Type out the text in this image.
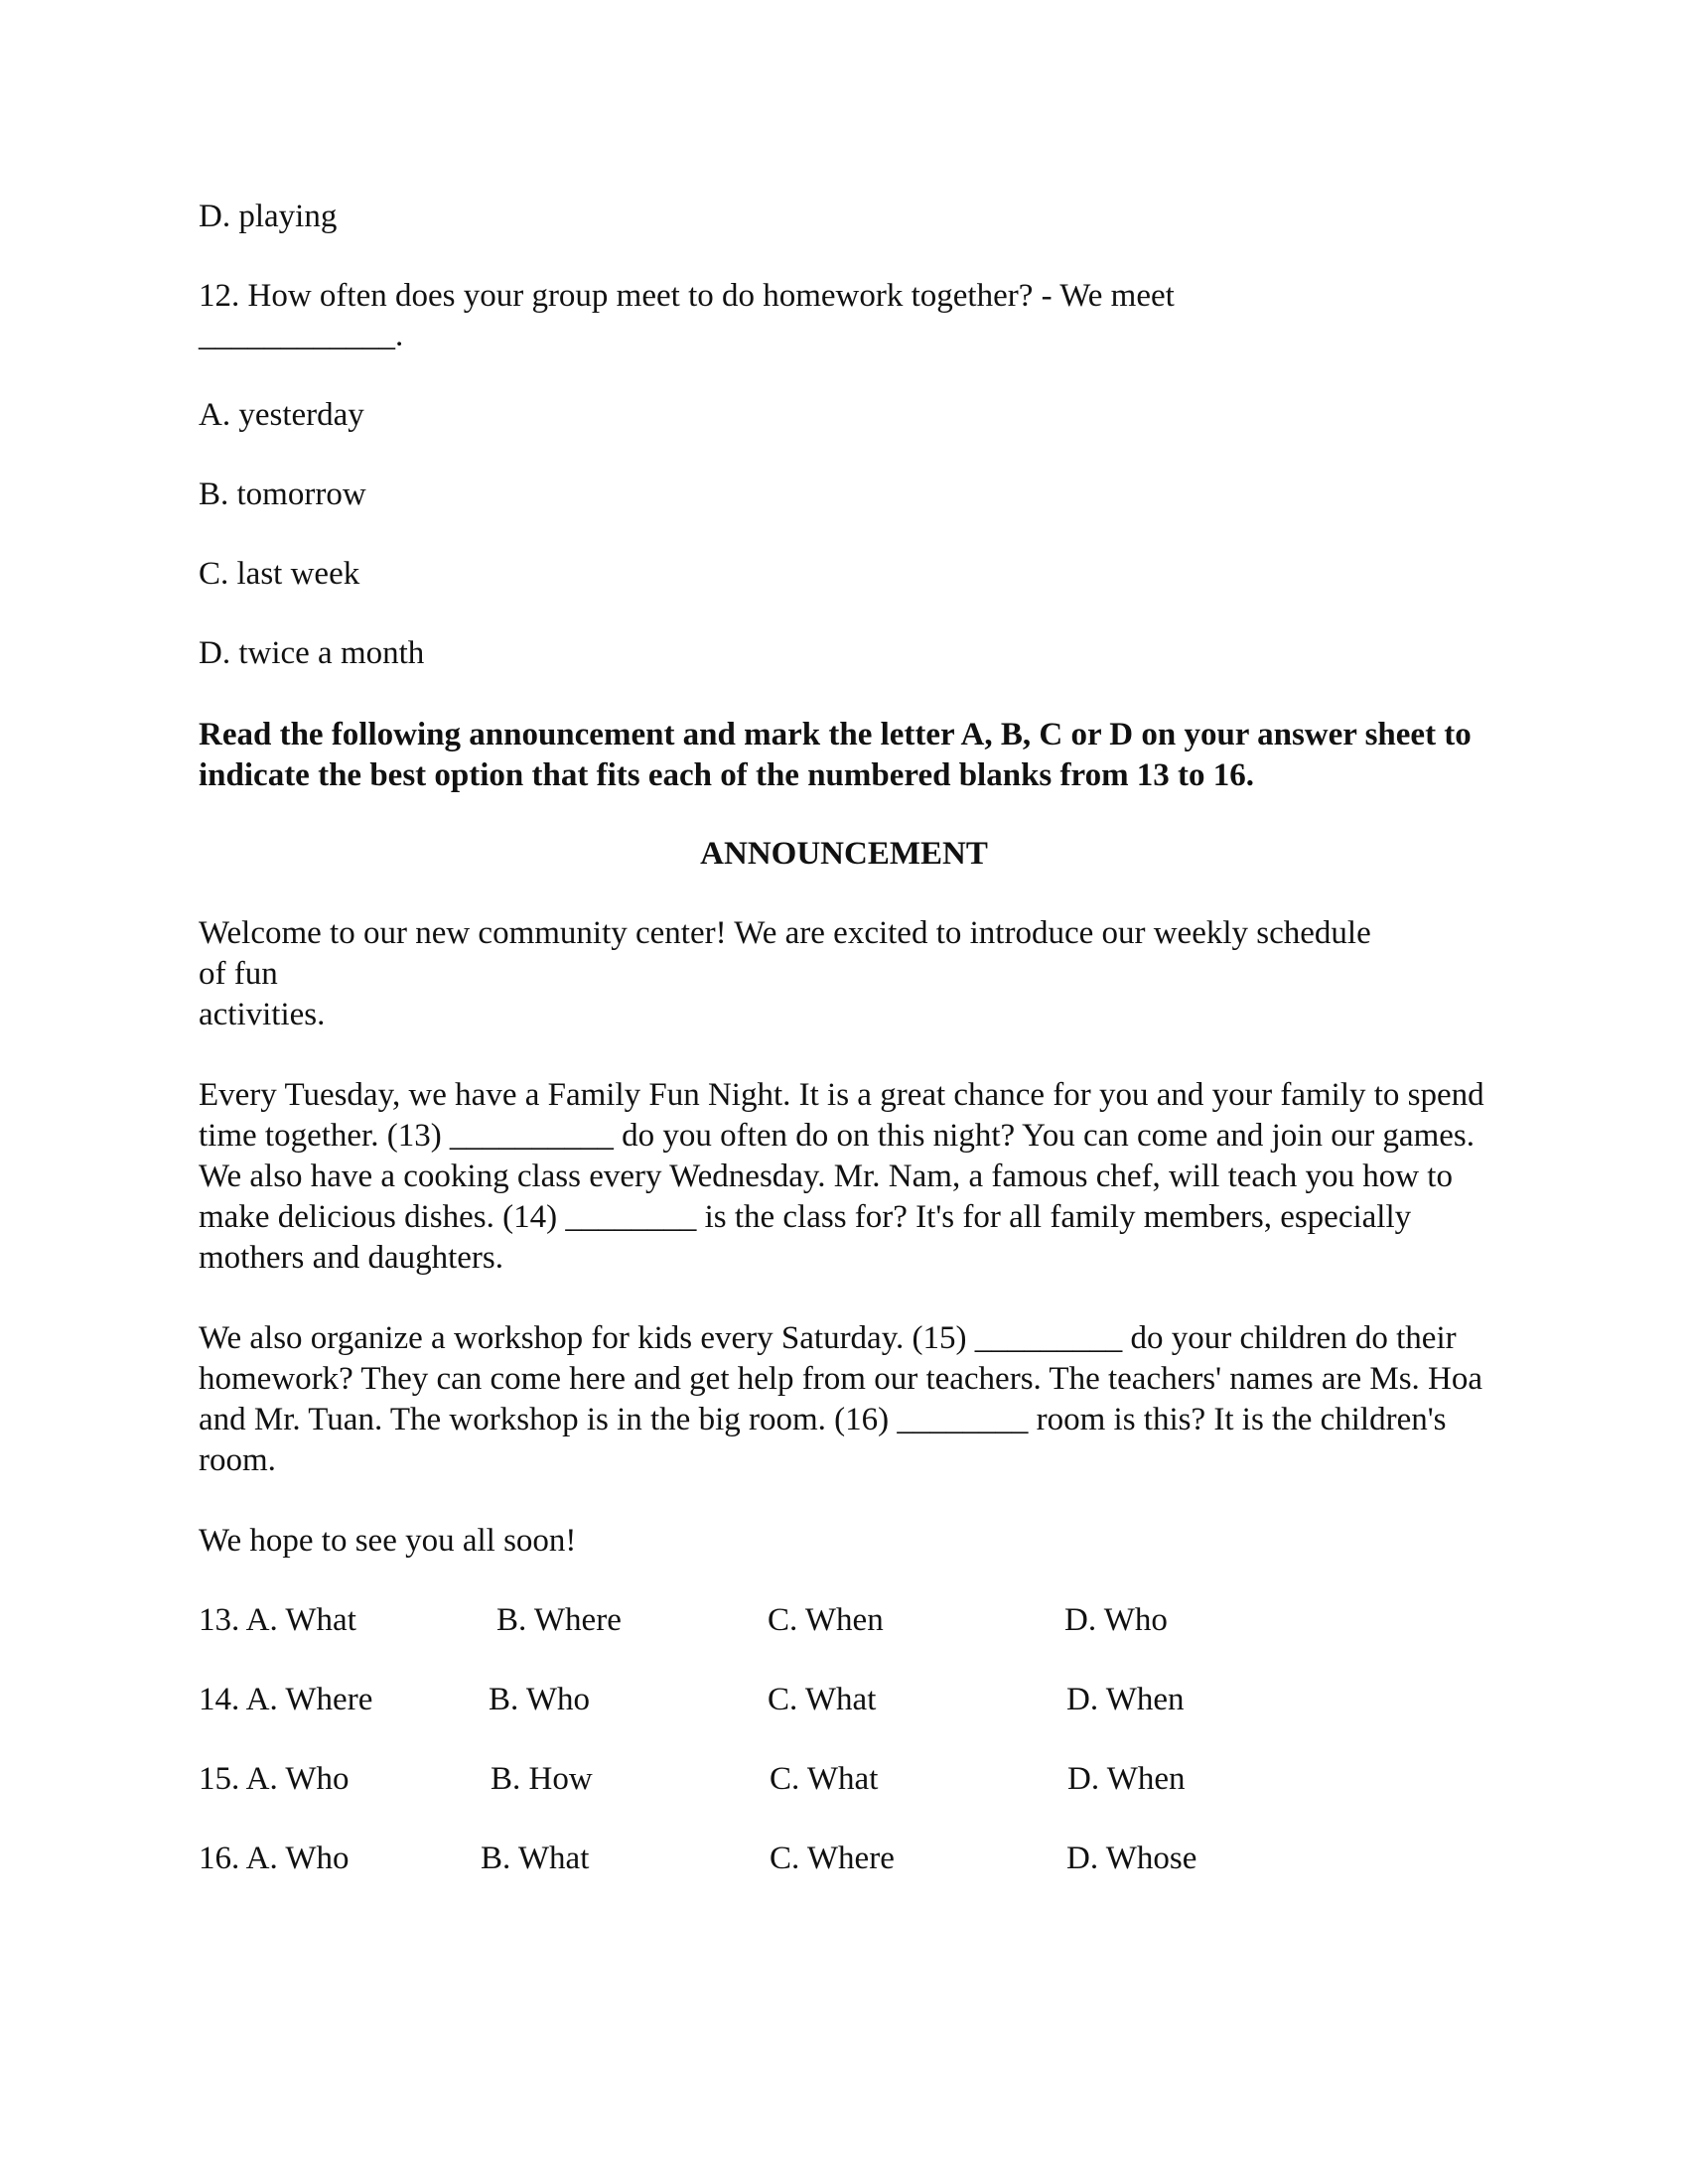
D. playing
12. How often does your group meet to do homework together? - We meet
____________.
A. yesterday
B. tomorrow
C. last week
D. twice a month
Read the following announcement and mark the letter A, B, C or D on your answer sheet to indicate the best option that fits each of the numbered blanks from 13 to 16.
ANNOUNCEMENT
Welcome to our new community center! We are excited to introduce our weekly schedule
of fun
activities.
Every Tuesday, we have a Family Fun Night. It is a great chance for you and your family to spend time together. (13) __________ do you often do on this night? You can come and join our games. We also have a cooking class every Wednesday. Mr. Nam, a famous chef, will teach you how to make delicious dishes. (14) ________ is the class for? It's for all family members, especially mothers and daughters.
We also organize a workshop for kids every Saturday. (15) _________ do your children do their homework? They can come here and get help from our teachers. The teachers' names are Ms. Hoa and Mr. Tuan. The workshop is in the big room. (16) ________ room is this? It is the children's room.
We hope to see you all soon!
13. A. What	B. Where	C. When	D. Who
14. A. Where	B. Who	C. What	D. When
15. A. Who	B. How	C. What	D. When
16. A. Who	B. What	C. Where	D. Whose
